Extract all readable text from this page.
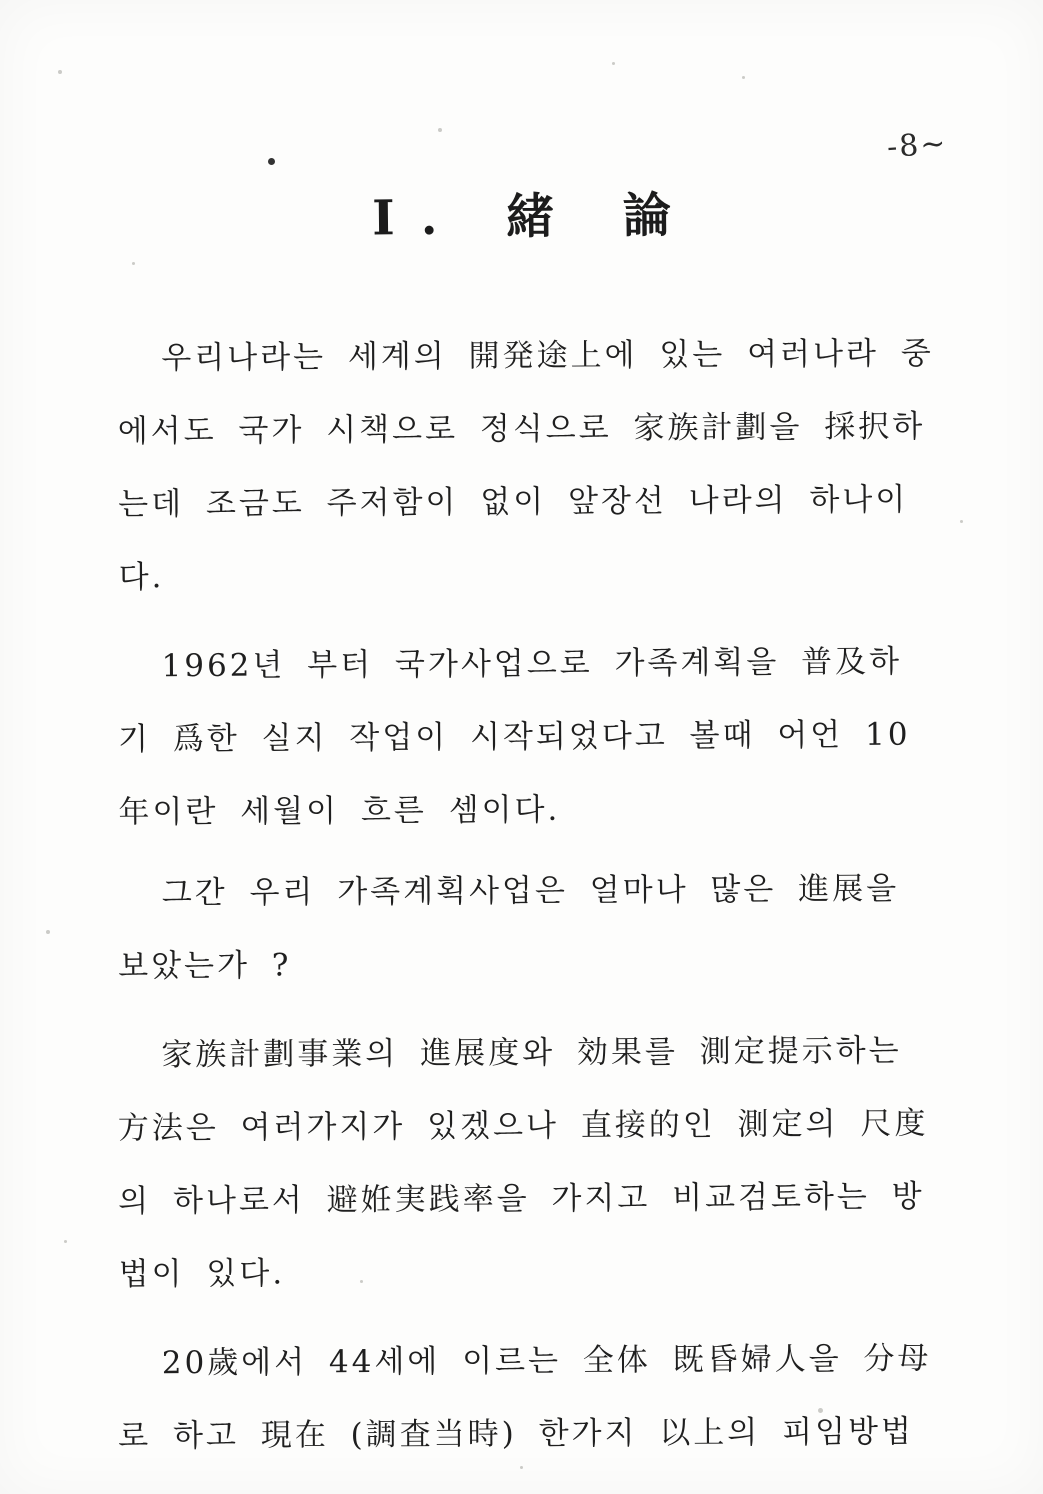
-8~
I. 緒 論

우리나라는 세계의 開発途上에 있는 여러나라 중에서도 국가 시책으로 정식으로 家族計劃을 採択하는데 조금도 주저함이 없이 앞장선 나라의 하나이다.

1962년 부터 국가사업으로 가족계획을 普及하기 爲한 실지 작업이 시작되었다고 볼때 어언 10年이란 세월이 흐른 셈이다.

그간 우리 가족계획사업은 얼마나 많은 進展을 보았는가 ?

家族計劃事業의 進展度와 効果를 測定提示하는 方法은 여러가지가 있겠으나 直接的인 測定의 尺度의 하나로서 避姙実践率을 가지고 비교검토하는 방법이 있다.

20歲에서 44세에 이르는 全体 既昏婦人을 分母로 하고 現在 (調査当時) 한가지 以上의 피임방법
